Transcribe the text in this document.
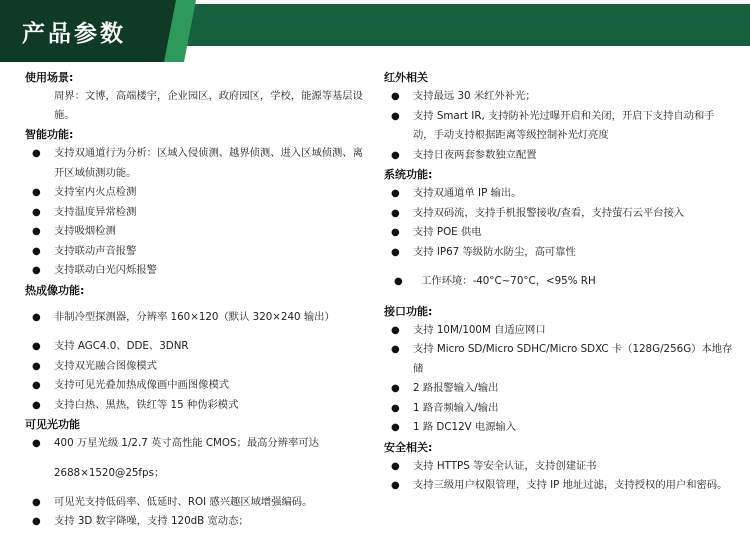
产品参数
使用场景:
周界：文博，高端楼宇，企业园区，政府园区，学校，能源等基层设施。
智能功能:
● 支持双通道行为分析：区域入侵侦测、越界侦测、进入区域侦测、离开区域侦测功能。
● 支持室内火点检测
● 支持温度异常检测
● 支持吸烟检测
● 支持联动声音报警
● 支持联动白光闪烁报警
热成像功能:
● 非制冷型探测器，分辨率 160×120（默认 320×240 输出）
● 支持 AGC4.0、DDE、3DNR
● 支持双光融合图像模式
● 支持可见光叠加热成像画中画图像模式
● 支持白热、黑热，铁红等 15 种伪彩模式
可见光功能
● 400 万星光级 1/2.7 英寸高性能 CMOS；最高分辨率可达
2688×1520@25fps；
● 可见光支持低码率、低延时、ROI 感兴趣区域增强编码。
● 支持 3D 数字降噪，支持 120dB 宽动态；
红外相关
● 支持最远 30 米红外补光；
● 支持 Smart IR, 支持防补光过曝开启和关闭，开启下支持自动和手动，手动支持根据距离等级控制补光灯亮度
● 支持日夜两套参数独立配置
系统功能:
● 支持双通道单 IP 输出。
● 支持双码流，支持手机报警接收/查看，支持萤石云平台接入
● 支持 POE 供电
● 支持 IP67 等级防水防尘，高可靠性
● 工作环境：-40°C~70°C，<95% RH
接口功能:
● 支持 10M/100M 自适应网口
● 支持 Micro SD/Micro SDHC/Micro SDXC 卡（128G/256G）本地存储
● 2 路报警输入/输出
● 1 路音频输入/输出
● 1 路 DC12V 电源输入
安全相关:
● 支持 HTTPS 等安全认证，支持创建证书
● 支持三级用户权限管理，支持 IP 地址过滤，支持授权的用户和密码。
